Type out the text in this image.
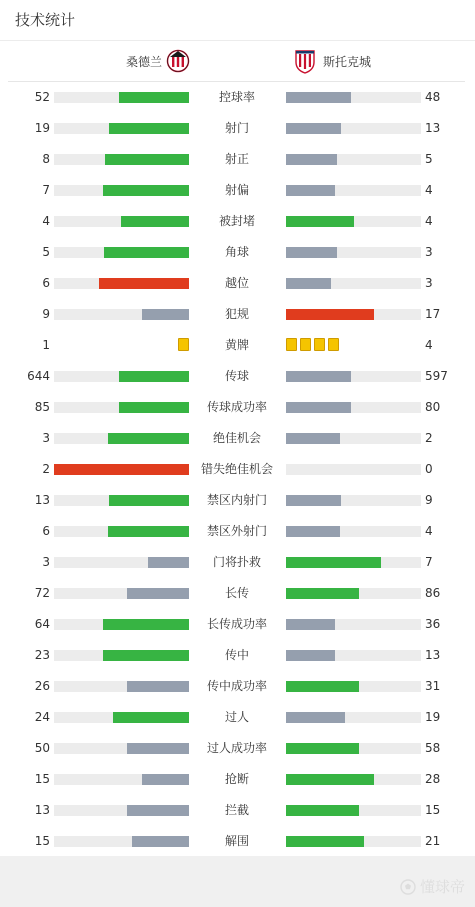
技术统计
桑德兰	斯托克城
52	控球率	48
19	射门	13
8	射正	5
7	射偏	4
4	被封堵	4
5	角球	3
6	越位	3
9	犯规	17
1	黄牌	4
644	传球	597
85	传球成功率	80
3	绝佳机会	2
2	错失绝佳机会	0
13	禁区内射门	9
6	禁区外射门	4
3	门将扑救	7
72	长传	86
64	长传成功率	36
23	传中	13
26	传中成功率	31
24	过人	19
50	过人成功率	58
15	抢断	28
13	拦截	15
15	解围	21
懂球帝
